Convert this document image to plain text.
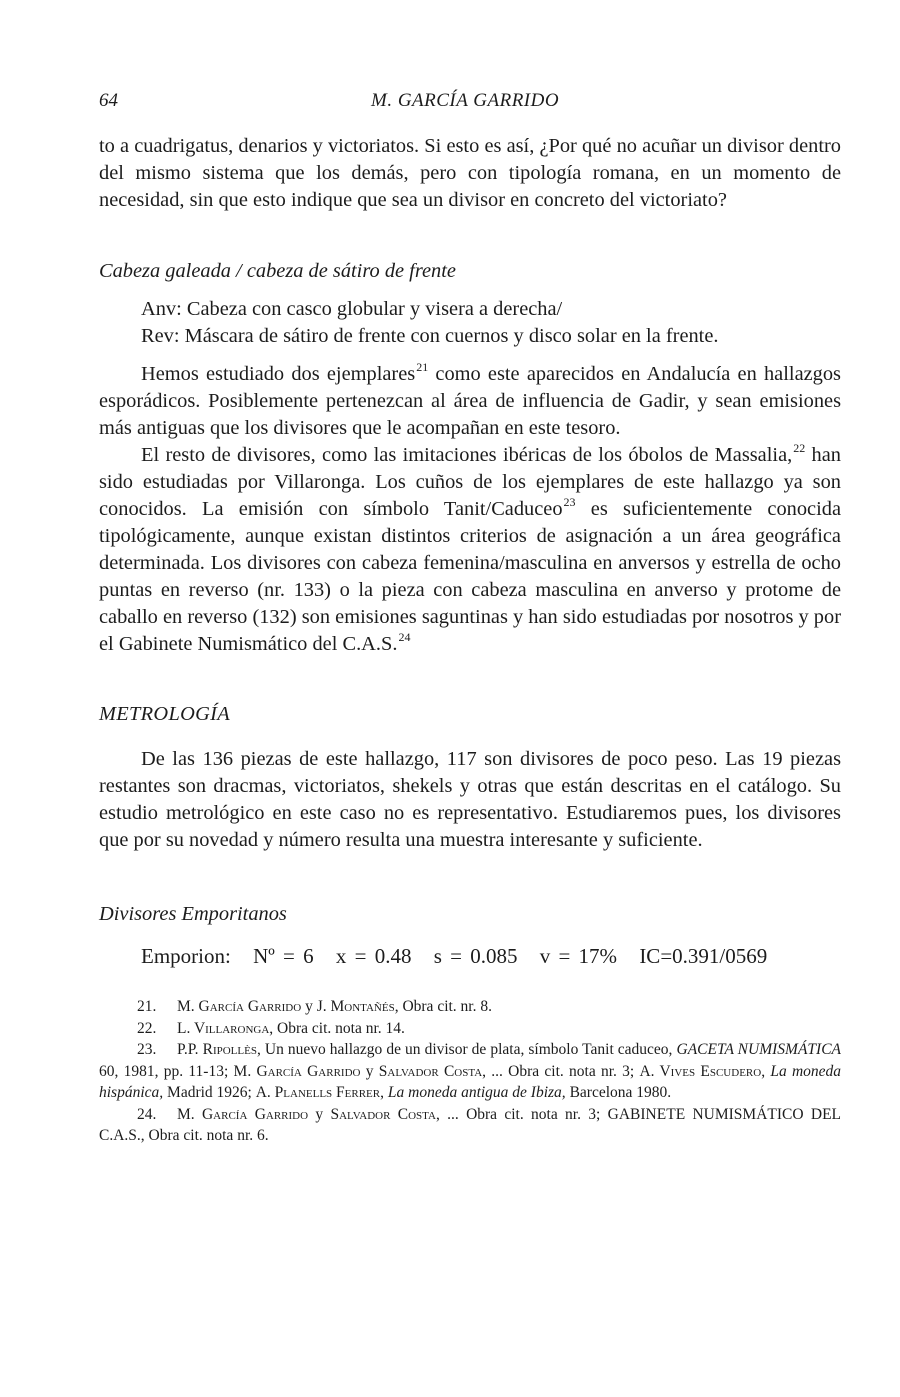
64	M. GARCÍA GARRIDO

to a cuadrigatus, denarios y victoriatos. Si esto es así, ¿Por qué no acuñar un divisor dentro del mismo sistema que los demás, pero con tipología romana, en un momento de necesidad, sin que esto indique que sea un divisor en concreto del victoriato?

Cabeza galeada / cabeza de sátiro de frente

Anv: Cabeza con casco globular y visera a derecha/

Rev: Máscara de sátiro de frente con cuernos y disco solar en la frente.

Hemos estudiado dos ejemplares$^{21}$ como este aparecidos en Andalucía en hallazgos esporádicos. Posiblemente pertenezcan al área de influencia de Gadir, y sean emisiones más antiguas que los divisores que le acompañan en este tesoro.

El resto de divisores, como las imitaciones ibéricas de los óbolos de Massalia,$^{22}$ han sido estudiadas por Villaronga. Los cuños de los ejemplares de este hallazgo ya son conocidos. La emisión con símbolo Tanit/Caduceo$^{23}$ es suficientemente conocida tipológicamente, aunque existan distintos criterios de asignación a un área geográfica determinada. Los divisores con cabeza femenina/masculina en anversos y estrella de ocho puntas en reverso (nr. 133) o la pieza con cabeza masculina en anverso y protome de caballo en reverso (132) son emisiones saguntinas y han sido estudiadas por nosotros y por el Gabinete Numismático del C.A.S.$^{24}$

METROLOGÍA

De las 136 piezas de este hallazgo, 117 son divisores de poco peso. Las 19 piezas restantes son dracmas, victoriatos, shekels y otras que están descritas en el catálogo. Su estudio metrológico en este caso no es representativo. Estudiaremos pues, los divisores que por su novedad y número resulta una muestra interesante y suficiente.

Divisores Emporitanos

Emporion: Nº = 6 x = 0.48 s = 0.085 v = 17% IC=0.391/0569

21. M. García Garrido y J. Montañés, Obra cit. nr. 8.

22. L. Villaronga, Obra cit. nota nr. 14.

23. P.P. Ripollès, Un nuevo hallazgo de un divisor de plata, símbolo Tanit caduceo, GACETA NUMISMÁTICA 60, 1981, pp. 11-13; M. García Garrido y Salvador Costa, ... Obra cit. nota nr. 3; A. Vives Escudero, La moneda hispánica, Madrid 1926; A. Planells Ferrer, La moneda antigua de Ibiza, Barcelona 1980.

24. M. García Garrido y Salvador Costa, ... Obra cit. nota nr. 3; GABINETE NUMISMÁTICO DEL C.A.S., Obra cit. nota nr. 6.
